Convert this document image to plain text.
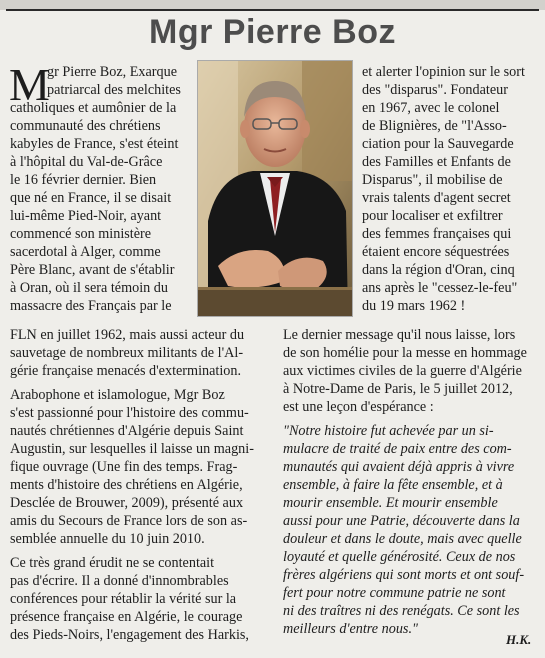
Mgr Pierre Boz
M
gr Pierre Boz, Exarque
patriarcal des melchites
catholiques et aumônier de la
communauté des chrétiens
kabyles de France, s'est éteint
à l'hôpital du Val-de-Grâce
le 16 février dernier. Bien
que né en France, il se disait
lui-même Pied-Noir, ayant
commencé son ministère
sacerdotal à Alger, comme
Père Blanc, avant de s'établir
à Oran, où il sera témoin du
massacre des Français par le
FLN en juillet 1962, mais aussi acteur du
sauvetage de nombreux militants de l'Al-
gérie française menacés d'extermination.
Arabophone et islamologue, Mgr Boz
s'est passionné pour l'histoire des commu-
nautés chrétiennes d'Algérie depuis Saint
Augustin, sur lesquelles il laisse un magni-
fique ouvrage (Une fin des temps. Frag-
ments d'histoire des chrétiens en Algérie,
Desclée de Brouwer, 2009), présenté aux
amis du Secours de France lors de son as-
semblée annuelle du 10 juin 2010.
Ce très grand érudit ne se contentait
pas d'écrire. Il a donné d'innombrables
conférences pour rétablir la vérité sur la
présence française en Algérie, le courage
des Pieds-Noirs, l'engagement des Harkis,
et alerter l'opinion sur le sort
des "disparus". Fondateur
en 1967, avec le colonel
de Blignières, de "l'Asso-
ciation pour la Sauvegarde
des Familles et Enfants de
Disparus", il mobilise de
vrais talents d'agent secret
pour localiser et exfiltrer
des femmes françaises qui
étaient encore séquestrées
dans la région d'Oran, cinq
ans après le "cessez-le-feu"
du 19 mars 1962 !
Le dernier message qu'il nous laisse, lors
de son homélie pour la messe en hommage
aux victimes civiles de la guerre d'Algérie
à Notre-Dame de Paris, le 5 juillet 2012,
est une leçon d'espérance :
"Notre histoire fut achevée par un si-
mulacre de traité de paix entre des com-
munautés qui avaient déjà appris à vivre
ensemble, à faire la fête ensemble, et à
mourir ensemble. Et mourir ensemble
aussi pour une Patrie, découverte dans la
douleur et dans le doute, mais avec quelle
loyauté et quelle générosité. Ceux de nos
frères algériens qui sont morts et ont souf-
fert pour notre commune patrie ne sont
ni des traîtres ni des renégats. Ce sont les
meilleurs d'entre nous."
H.K.
